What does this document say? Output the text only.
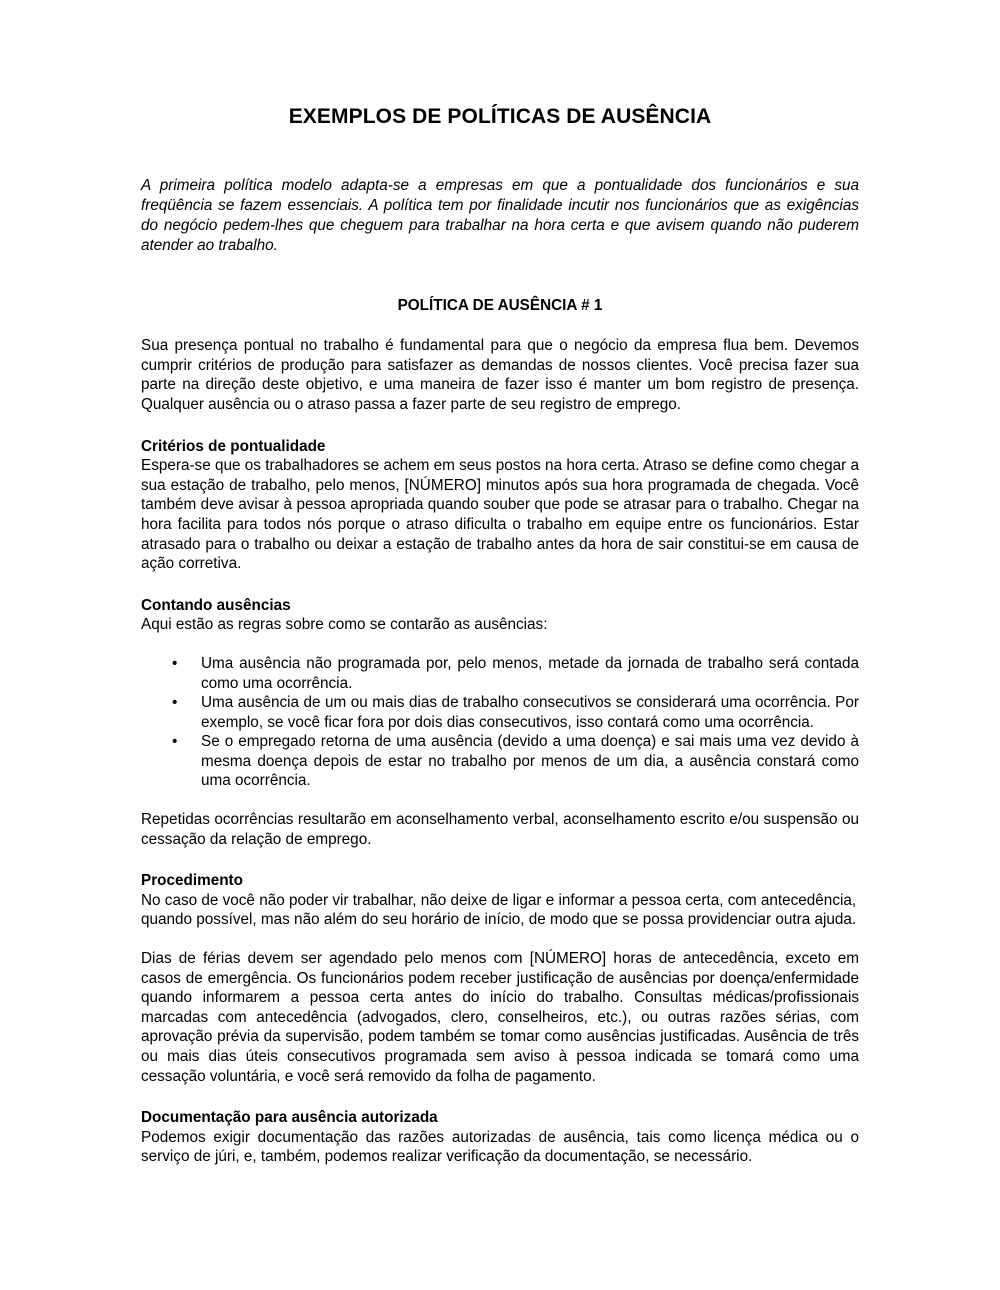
EXEMPLOS DE POLÍTICAS DE AUSÊNCIA

A primeira política modelo adapta-se a empresas em que a pontualidade dos funcionários e sua freqüência se fazem essenciais. A política tem por finalidade incutir nos funcionários que as exigências do negócio pedem-lhes que cheguem para trabalhar na hora certa e que avisem quando não puderem atender ao trabalho.

POLÍTICA DE AUSÊNCIA # 1

Sua presença pontual no trabalho é fundamental para que o negócio da empresa flua bem. Devemos cumprir critérios de produção para satisfazer as demandas de nossos clientes. Você precisa fazer sua parte na direção deste objetivo, e uma maneira de fazer isso é manter um bom registro de presença. Qualquer ausência ou o atraso passa a fazer parte de seu registro de emprego.

Critérios de pontualidade

Espera-se que os trabalhadores se achem em seus postos na hora certa. Atraso se define como chegar a sua estação de trabalho, pelo menos, [NÚMERO] minutos após sua hora programada de chegada. Você também deve avisar à pessoa apropriada quando souber que pode se atrasar para o trabalho. Chegar na hora facilita para todos nós porque o atraso dificulta o trabalho em equipe entre os funcionários. Estar atrasado para o trabalho ou deixar a estação de trabalho antes da hora de sair constitui-se em causa de ação corretiva.

Contando ausências

Aqui estão as regras sobre como se contarão as ausências:

• Uma ausência não programada por, pelo menos, metade da jornada de trabalho será contada como uma ocorrência.
• Uma ausência de um ou mais dias de trabalho consecutivos se considerará uma ocorrência. Por exemplo, se você ficar fora por dois dias consecutivos, isso contará como uma ocorrência.
• Se o empregado retorna de uma ausência (devido a uma doença) e sai mais uma vez devido à mesma doença depois de estar no trabalho por menos de um dia, a ausência constará como uma ocorrência.

Repetidas ocorrências resultarão em aconselhamento verbal, aconselhamento escrito e/ou suspensão ou cessação da relação de emprego.

Procedimento

No caso de você não poder vir trabalhar, não deixe de ligar e informar a pessoa certa, com antecedência, quando possível, mas não além do seu horário de início, de modo que se possa providenciar outra ajuda.

Dias de férias devem ser agendado pelo menos com [NÚMERO] horas de antecedência, exceto em casos de emergência. Os funcionários podem receber justificação de ausências por doença/enfermidade quando informarem a pessoa certa antes do início do trabalho. Consultas médicas/profissionais marcadas com antecedência (advogados, clero, conselheiros, etc.), ou outras razões sérias, com aprovação prévia da supervisão, podem também se tomar como ausências justificadas. Ausência de três ou mais dias úteis consecutivos programada sem aviso à pessoa indicada se tomará como uma cessação voluntária, e você será removido da folha de pagamento.

Documentação para ausência autorizada

Podemos exigir documentação das razões autorizadas de ausência, tais como licença médica ou o serviço de júri, e, também, podemos realizar verificação da documentação, se necessário.
